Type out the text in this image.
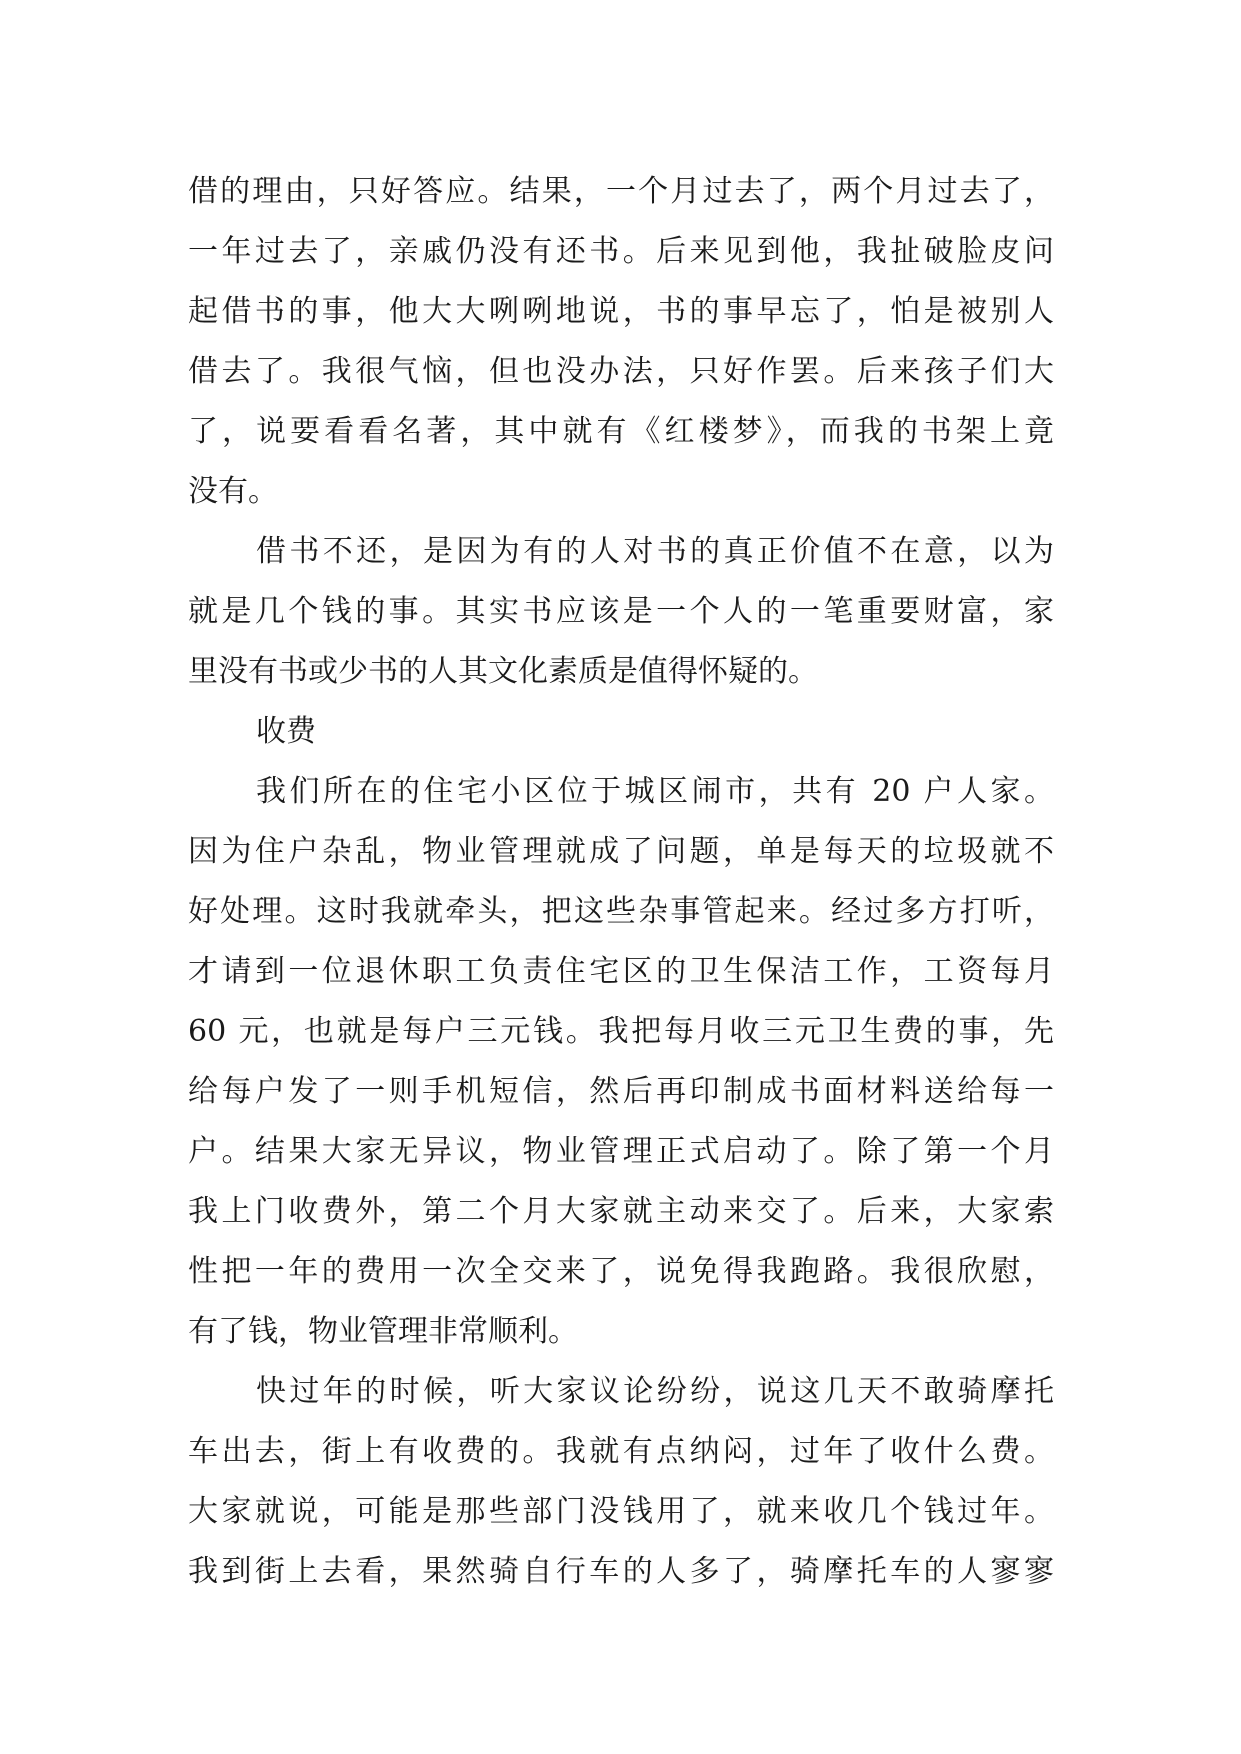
借的理由，只好答应。结果，一个月过去了，两个月过去了，
一年过去了，亲戚仍没有还书。后来见到他，我扯破脸皮问
起借书的事，他大大咧咧地说，书的事早忘了，怕是被别人
借去了。我很气恼，但也没办法，只好作罢。后来孩子们大
了，说要看看名著，其中就有《红楼梦》，而我的书架上竟
没有。
借书不还，是因为有的人对书的真正价值不在意，以为
就是几个钱的事。其实书应该是一个人的一笔重要财富，家
里没有书或少书的人其文化素质是值得怀疑的。
收费
我们所在的住宅小区位于城区闹市，共有 20 户人家。
因为住户杂乱，物业管理就成了问题，单是每天的垃圾就不
好处理。这时我就牵头，把这些杂事管起来。经过多方打听，
才请到一位退休职工负责住宅区的卫生保洁工作，工资每月
60 元，也就是每户三元钱。我把每月收三元卫生费的事，先
给每户发了一则手机短信，然后再印制成书面材料送给每一
户。结果大家无异议，物业管理正式启动了。除了第一个月
我上门收费外，第二个月大家就主动来交了。后来，大家索
性把一年的费用一次全交来了，说免得我跑路。我很欣慰，
有了钱，物业管理非常顺利。
快过年的时候，听大家议论纷纷，说这几天不敢骑摩托
车出去，街上有收费的。我就有点纳闷，过年了收什么费。
大家就说，可能是那些部门没钱用了，就来收几个钱过年。
我到街上去看，果然骑自行车的人多了，骑摩托车的人寥寥
